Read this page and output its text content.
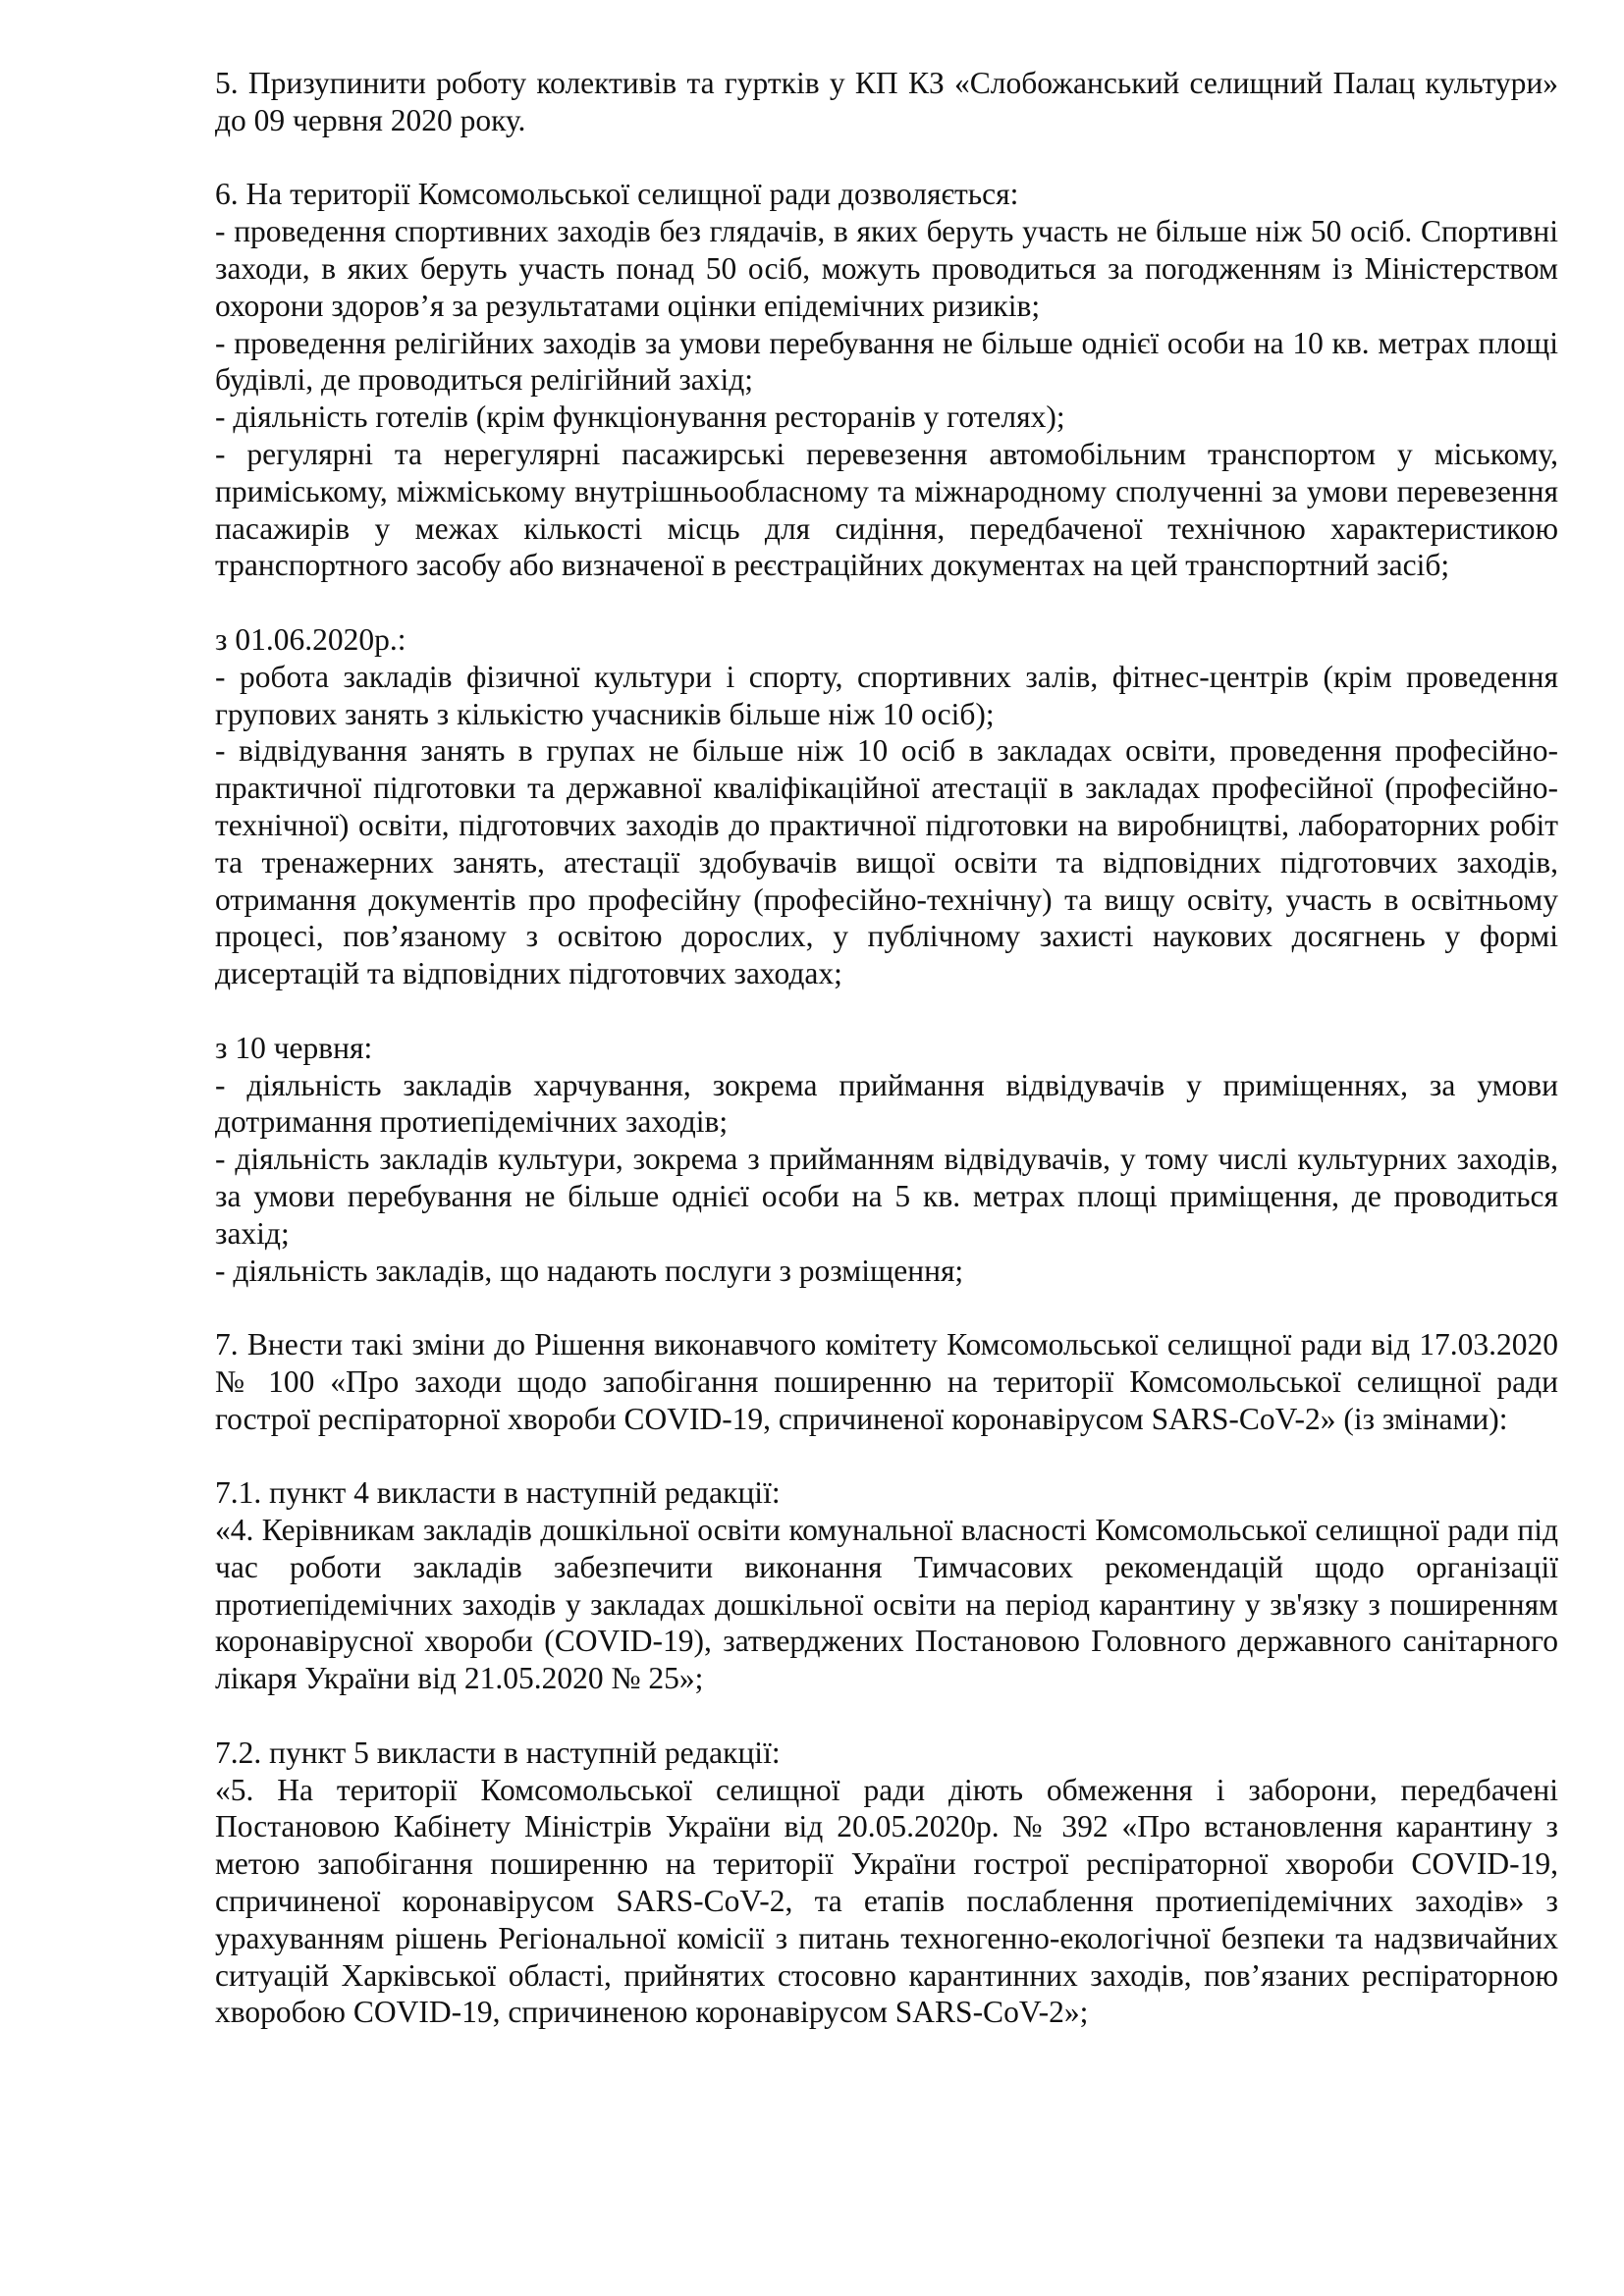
5. Призупинити роботу колективів та гуртків у КП КЗ «Слобожанський селищний Палац культури» до 09 червня 2020 року.

6. На території Комсомольської селищної ради дозволяється:

- проведення спортивних заходів без глядачів, в яких беруть участь не більше ніж 50 осіб. Спортивні заходи, в яких беруть участь понад 50 осіб, можуть проводиться за погодженням із Міністерством охорони здоров’я за результатами оцінки епідемічних ризиків;

- проведення релігійних заходів за умови перебування не більше однієї особи на 10 кв. метрах площі будівлі, де проводиться релігійний захід;

- діяльність готелів (крім функціонування ресторанів у готелях);

- регулярні та нерегулярні пасажирські перевезення автомобільним транспортом у міському, приміському, міжміському внутрішньообласному та міжнародному сполученні за умови перевезення пасажирів у межах кількості місць для сидіння, передбаченої технічною характеристикою транспортного засобу або визначеної в реєстраційних документах на цей транспортний засіб;

з 01.06.2020р.:

- робота закладів фізичної культури і спорту, спортивних залів, фітнес-центрів (крім проведення групових занять з кількістю учасників більше ніж 10 осіб);

- відвідування занять в групах не більше ніж 10 осіб в закладах освіти, проведення професійно-практичної підготовки та державної кваліфікаційної атестації в закладах професійної (професійно-технічної) освіти, підготовчих заходів до практичної підготовки на виробництві, лабораторних робіт та тренажерних занять, атестації здобувачів вищої освіти та відповідних підготовчих заходів, отримання документів про професійну (професійно-технічну) та вищу освіту, участь в освітньому процесі, пов’язаному з освітою дорослих, у публічному захисті наукових досягнень у формі дисертацій та відповідних підготовчих заходах;

з 10 червня:

- діяльність закладів харчування, зокрема приймання відвідувачів у приміщеннях, за умови дотримання протиепідемічних заходів;

- діяльність закладів культури, зокрема з прийманням відвідувачів, у тому числі культурних заходів, за умови перебування не більше однієї особи на 5 кв. метрах площі приміщення, де проводиться захід;

- діяльність закладів, що надають послуги з розміщення;

7. Внести такі зміни до Рішення виконавчого комітету Комсомольської селищної ради від 17.03.2020 № 100 «Про заходи щодо запобігання поширенню на території Комсомольської селищної ради гострої респіраторної хвороби COVID-19, спричиненої коронавірусом SARS-CoV-2» (із змінами):

7.1. пункт 4 викласти в наступній редакції:

«4. Керівникам закладів дошкільної освіти комунальної власності Комсомольської селищної ради під час роботи закладів забезпечити виконання Тимчасових рекомендацій щодо організації протиепідемічних заходів у закладах дошкільної освіти на період карантину у зв'язку з поширенням коронавірусної хвороби (COVID-19), затверджених Постановою Головного державного санітарного лікаря України від 21.05.2020 № 25»;

7.2. пункт 5 викласти в наступній редакції:

«5. На території Комсомольської селищної ради діють обмеження і заборони, передбачені Постановою Кабінету Міністрів України від 20.05.2020р. № 392 «Про встановлення карантину з метою запобігання поширенню на території України гострої респіраторної хвороби COVID-19, спричиненої коронавірусом SARS-CoV-2, та етапів послаблення протиепідемічних заходів» з урахуванням рішень Регіональної комісії з питань техногенно-екологічної безпеки та надзвичайних ситуацій Харківської області, прийнятих стосовно карантинних заходів, пов’язаних респіраторною хворобою COVID-19, спричиненою коронавірусом SARS-CoV-2»;
